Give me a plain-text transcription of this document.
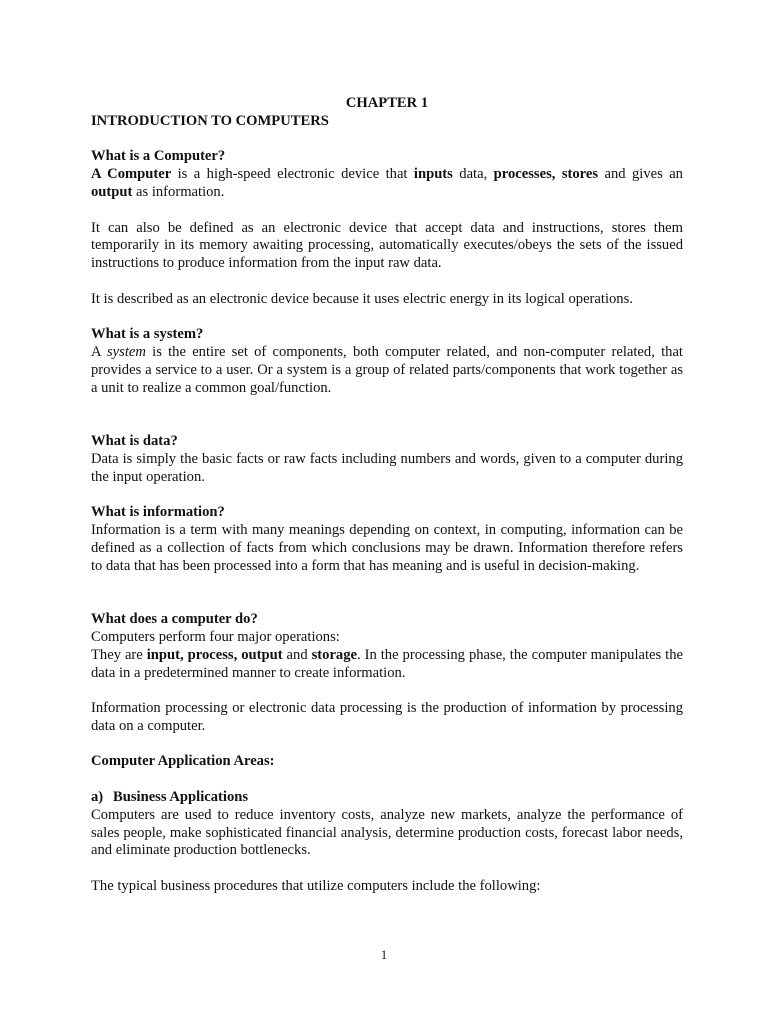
CHAPTER 1
INTRODUCTION TO COMPUTERS
What is a Computer?

A Computer is a high-speed electronic device that inputs data, processes, stores and gives an output as information.

It can also be defined as an electronic device that accept data and instructions, stores them temporarily in its memory awaiting processing, automatically executes/obeys the sets of the issued instructions to produce information from the input raw data.

It is described as an electronic device because it uses electric energy in its logical operations.

What is a system?

A system is the entire set of components, both computer related, and non-computer related, that provides a service to a user. Or a system is a group of related parts/components that work together as a unit to realize a common goal/function.

What is data?

Data is simply the basic facts or raw facts including numbers and words, given to a computer during the input operation.

What is information?

Information is a term with many meanings depending on context, in computing, information can be defined as a collection of facts from which conclusions may be drawn. Information therefore refers to data that has been processed into a form that has meaning and is useful in decision-making.

What does a computer do?
Computers perform four major operations:

They are input, process, output and storage. In the processing phase, the computer manipulates the data in a predetermined manner to create information.

Information processing or electronic data processing is the production of information by processing data on a computer.

Computer Application Areas:
a) Business Applications

Computers are used to reduce inventory costs, analyze new markets, analyze the performance of sales people, make sophisticated financial analysis, determine production costs, forecast labor needs, and eliminate production bottlenecks.

The typical business procedures that utilize computers include the following:

1
